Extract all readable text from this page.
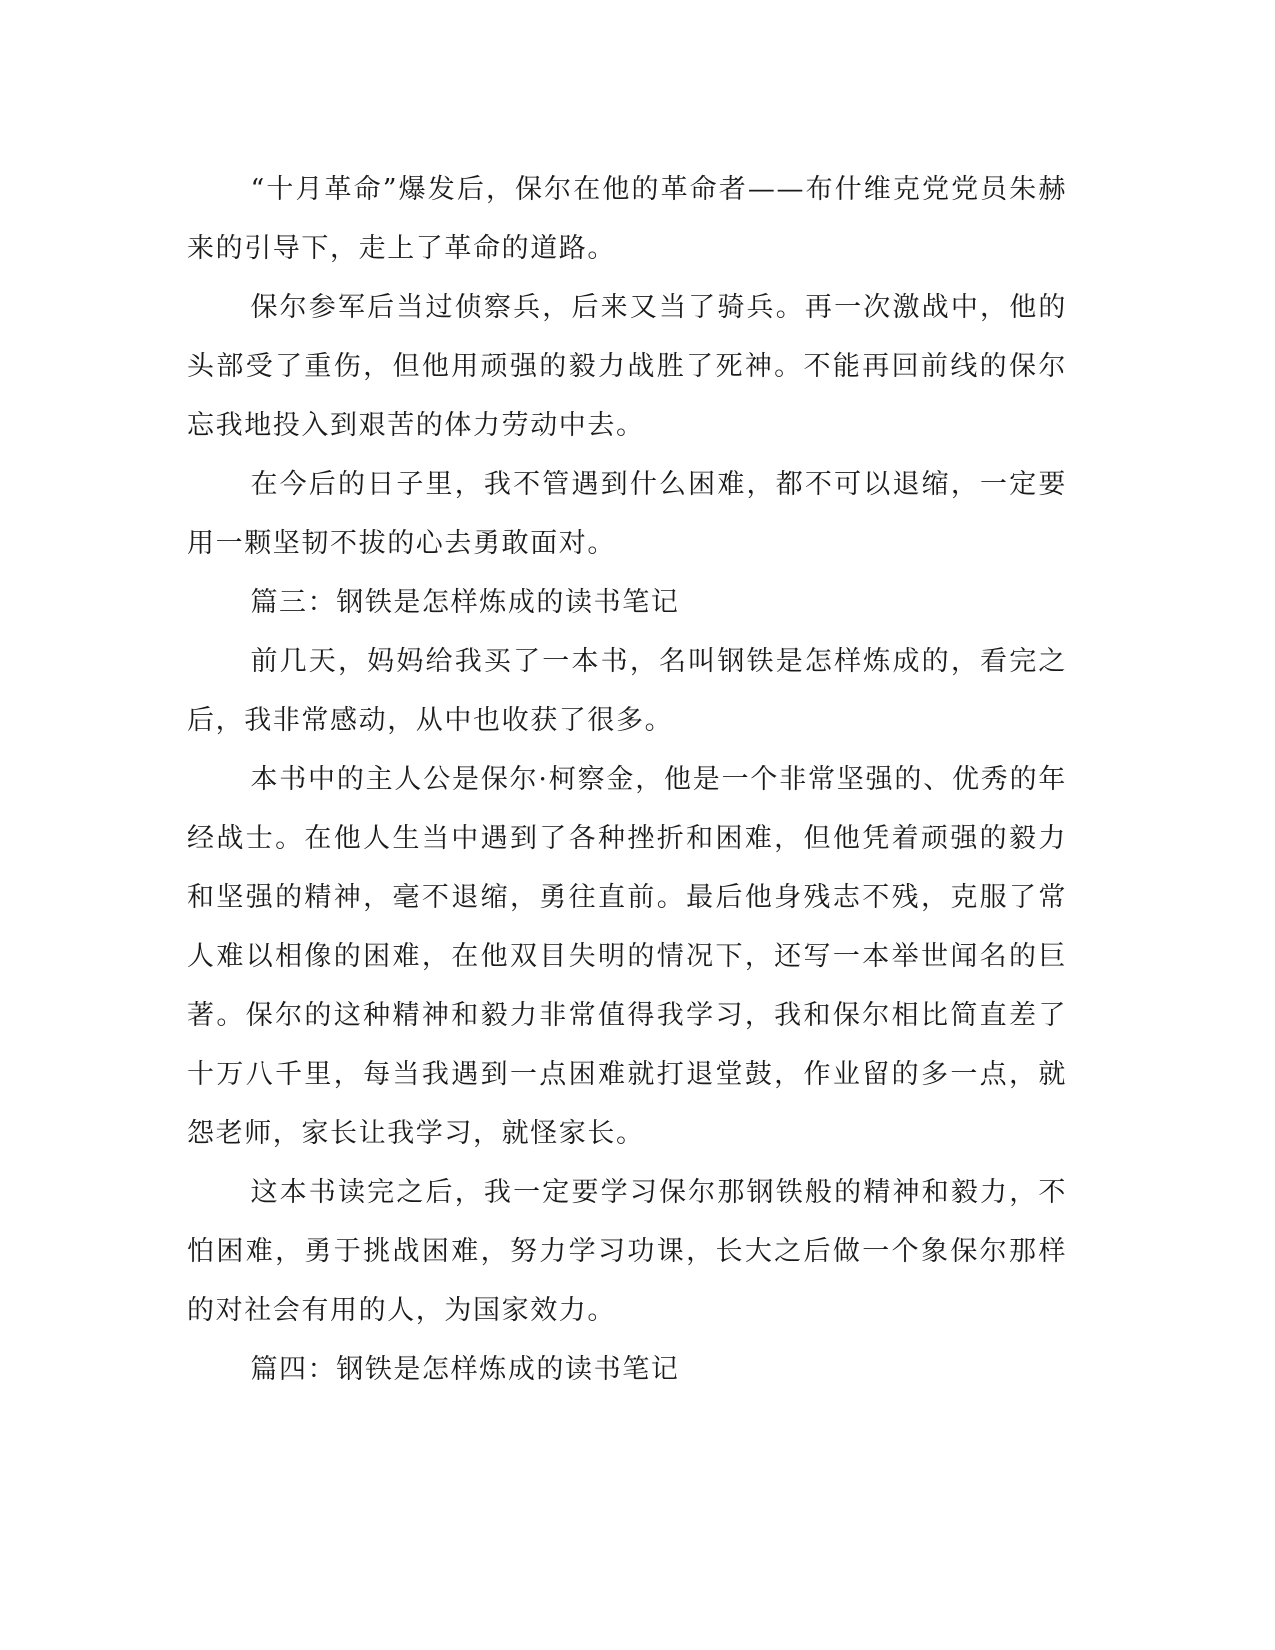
“十月革命”爆发后，保尔在他的革命者——布什维克党党员朱赫来的引导下，走上了革命的道路。

保尔参军后当过侦察兵，后来又当了骑兵。再一次激战中，他的头部受了重伤，但他用顽强的毅力战胜了死神。不能再回前线的保尔忘我地投入到艰苦的体力劳动中去。

在今后的日子里，我不管遇到什么困难，都不可以退缩，一定要用一颗坚韧不拔的心去勇敢面对。

篇三：钢铁是怎样炼成的读书笔记

前几天，妈妈给我买了一本书，名叫钢铁是怎样炼成的，看完之后，我非常感动，从中也收获了很多。

本书中的主人公是保尔·柯察金，他是一个非常坚强的、优秀的年经战士。在他人生当中遇到了各种挫折和困难，但他凭着顽强的毅力和坚强的精神，毫不退缩，勇往直前。最后他身残志不残，克服了常人难以相像的困难，在他双目失明的情况下，还写一本举世闻名的巨著。保尔的这种精神和毅力非常值得我学习，我和保尔相比简直差了十万八千里，每当我遇到一点困难就打退堂鼓，作业留的多一点，就怨老师，家长让我学习，就怪家长。

这本书读完之后，我一定要学习保尔那钢铁般的精神和毅力，不怕困难，勇于挑战困难，努力学习功课，长大之后做一个象保尔那样的对社会有用的人，为国家效力。

篇四：钢铁是怎样炼成的读书笔记
